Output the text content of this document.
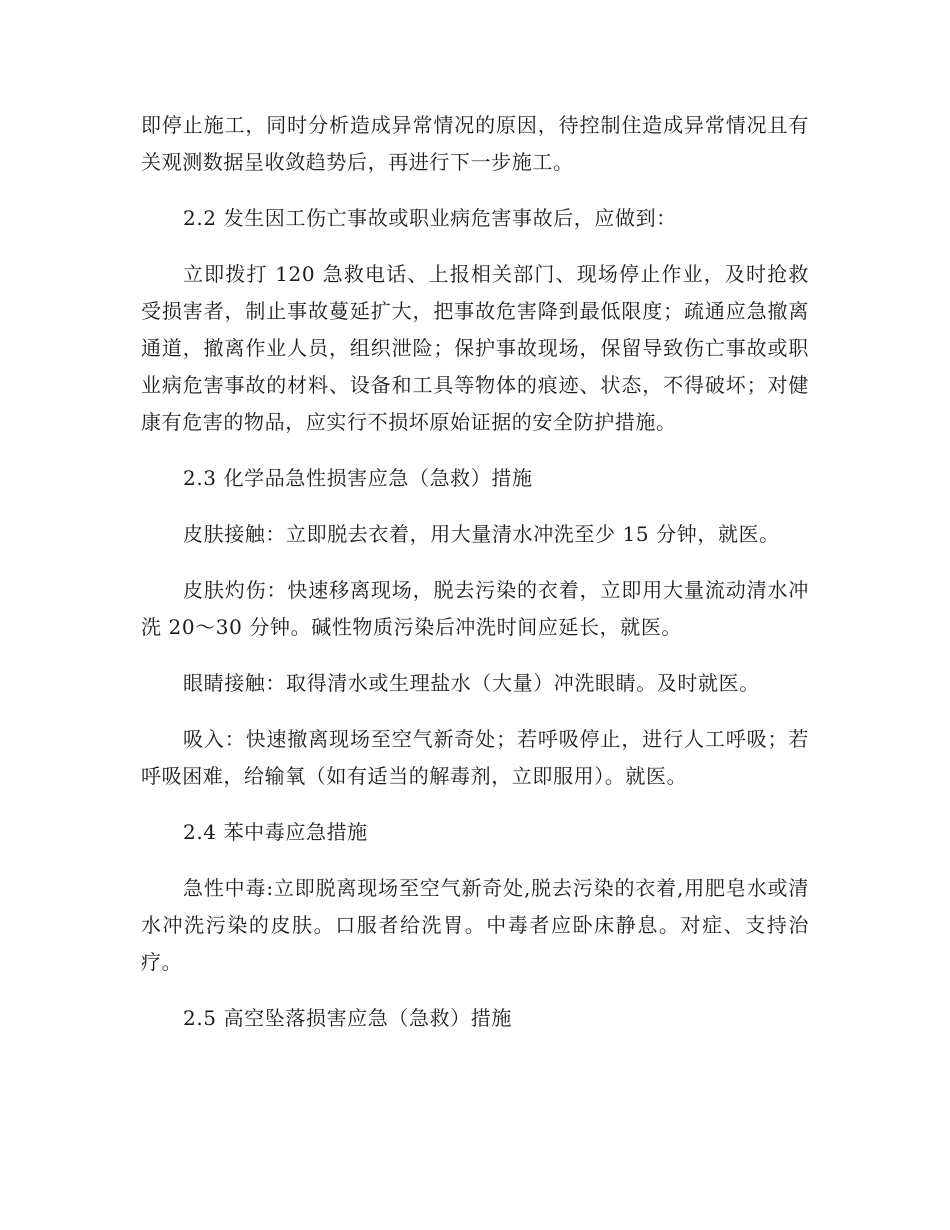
即停止施工，同时分析造成异常情况的原因，待控制住造成异常情况且有关观测数据呈收敛趋势后，再进行下一步施工。

2.2 发生因工伤亡事故或职业病危害事故后，应做到：

立即拨打 120 急救电话、上报相关部门、现场停止作业，及时抢救受损害者，制止事故蔓延扩大，把事故危害降到最低限度；疏通应急撤离通道，撤离作业人员，组织泄险；保护事故现场，保留导致伤亡事故或职业病危害事故的材料、设备和工具等物体的痕迹、状态，不得破坏；对健康有危害的物品，应实行不损坏原始证据的安全防护措施。

2.3 化学品急性损害应急（急救）措施

皮肤接触：立即脱去衣着，用大量清水冲洗至少 15 分钟，就医。

皮肤灼伤：快速移离现场，脱去污染的衣着，立即用大量流动清水冲洗 20～30 分钟。碱性物质污染后冲洗时间应延长，就医。

眼睛接触：取得清水或生理盐水（大量）冲洗眼睛。及时就医。

吸入：快速撤离现场至空气新奇处；若呼吸停止，进行人工呼吸；若呼吸困难，给输氧（如有适当的解毒剂，立即服用）。就医。

2.4 苯中毒应急措施

急性中毒:立即脱离现场至空气新奇处,脱去污染的衣着,用肥皂水或清水冲洗污染的皮肤。口服者给洗胃。中毒者应卧床静息。对症、支持治疗。

2.5 高空坠落损害应急（急救）措施
